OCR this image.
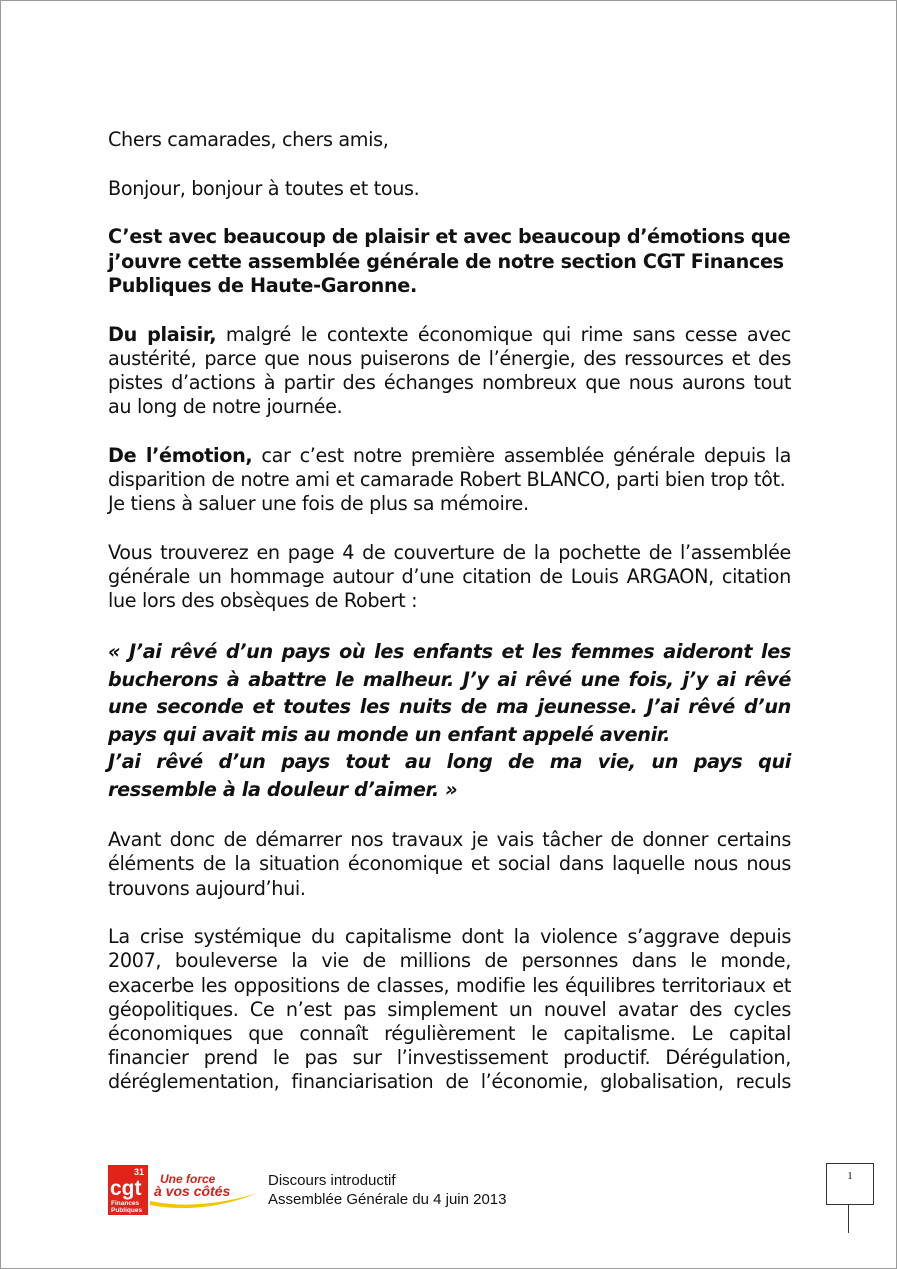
Chers camarades, chers amis,

Bonjour, bonjour à toutes et tous.

C’est avec beaucoup de plaisir et avec beaucoup d’émotions que
j’ouvre cette assemblée générale de notre section CGT Finances
Publiques de Haute-Garonne.

Du plaisir, malgré le contexte économique qui rime sans cesse avec austérité, parce que nous puiserons de l’énergie, des ressources et des pistes d’actions à partir des échanges nombreux que nous aurons tout au long de notre journée.

De l’émotion, car c’est notre première assemblée générale depuis la disparition de notre ami et camarade Robert BLANCO, parti bien trop tôt.
Je tiens à saluer une fois de plus sa mémoire.

Vous trouverez en page 4 de couverture de la pochette de l’assemblée générale un hommage autour d’une citation de Louis ARGAON, citation lue lors des obsèques de Robert :

« J’ai rêvé d’un pays où les enfants et les femmes aideront les bucherons à abattre le malheur. J’y ai rêvé une fois, j’y ai rêvé une seconde et toutes les nuits de ma jeunesse. J’ai rêvé d’un pays qui avait mis au monde un enfant appelé avenir.
J’ai rêvé d’un pays tout au long de ma vie, un pays qui ressemble à la douleur d’aimer. »

Avant donc de démarrer nos travaux je vais tâcher de donner certains éléments de la situation économique et social dans laquelle nous nous trouvons aujourd’hui.

La crise systémique du capitalisme dont la violence s’aggrave depuis 2007, bouleverse la vie de millions de personnes dans le monde, exacerbe les oppositions de classes, modifie les équilibres territoriaux et géopolitiques. Ce n’est pas simplement un nouvel avatar des cycles économiques que connaît régulièrement le capitalisme. Le capital financier prend le pas sur l’investissement productif. Dérégulation, déréglementation, financiarisation de l’économie, globalisation, reculs

31
cgt
Finances
Publiques
Une force
à vos côtés
Discours introductif
Assemblée Générale du 4 juin 2013
1
